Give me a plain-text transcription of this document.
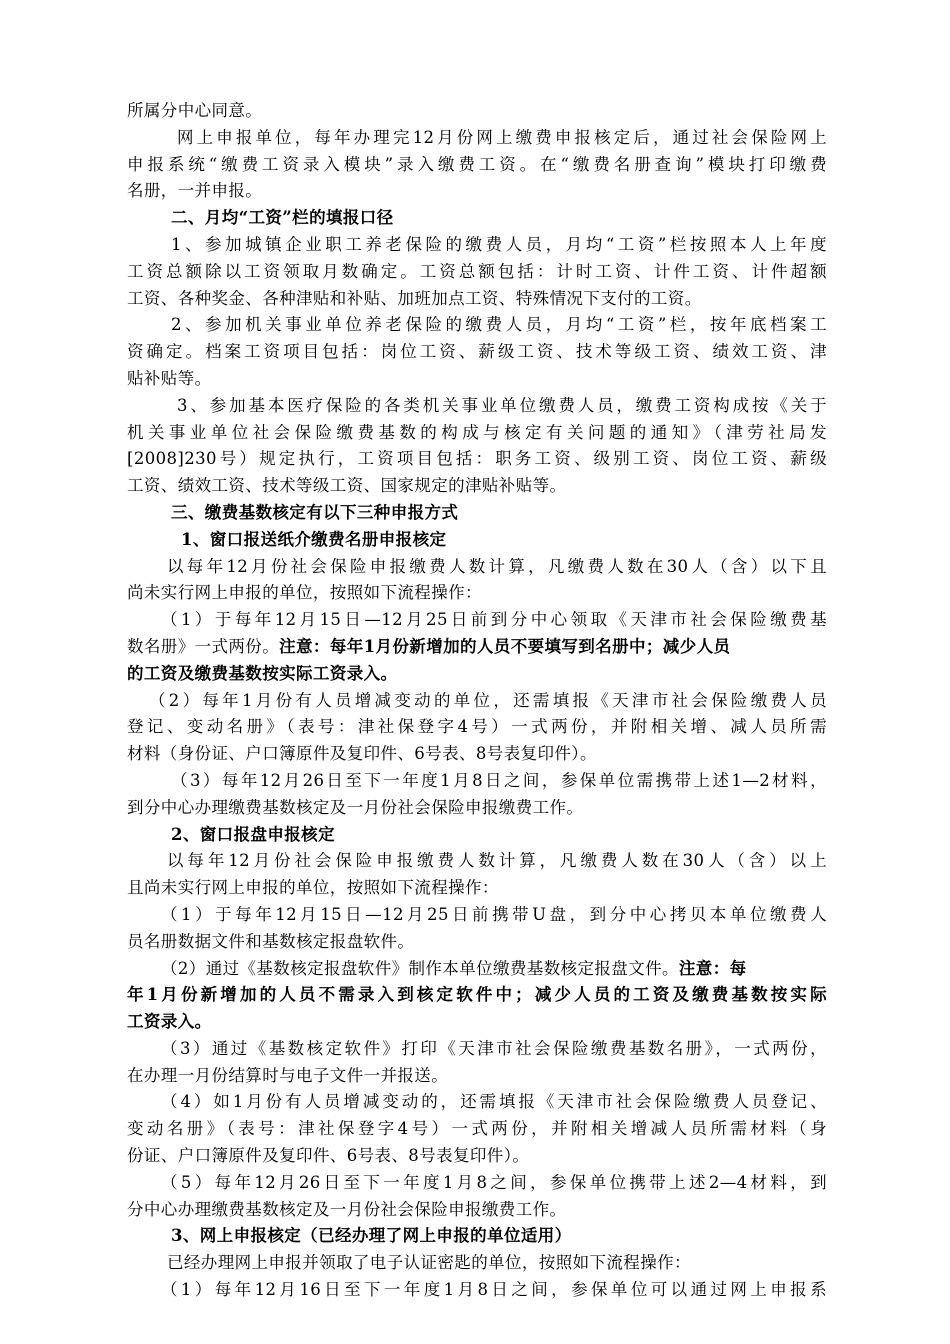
所属分中心同意。
网上申报单位，每年办理完12月份网上缴费申报核定后，通过社会保险网上
申报系统“缴费工资录入模块”录入缴费工资。在“缴费名册查询”模块打印缴费
名册，一并申报。
二、月均“工资”栏的填报口径
1、参加城镇企业职工养老保险的缴费人员，月均“工资”栏按照本人上年度
工资总额除以工资领取月数确定。工资总额包括：计时工资、计件工资、计件超额
工资、各种奖金、各种津贴和补贴、加班加点工资、特殊情况下支付的工资。
2、参加机关事业单位养老保险的缴费人员，月均“工资”栏，按年底档案工
资确定。档案工资项目包括：岗位工资、薪级工资、技术等级工资、绩效工资、津
贴补贴等。
3、参加基本医疗保险的各类机关事业单位缴费人员，缴费工资构成按《关于
机关事业单位社会保险缴费基数的构成与核定有关问题的通知》（津劳社局发
[2008]230号）规定执行，工资项目包括：职务工资、级别工资、岗位工资、薪级
工资、绩效工资、技术等级工资、国家规定的津贴补贴等。
三、缴费基数核定有以下三种申报方式
1、窗口报送纸介缴费名册申报核定
以每年12月份社会保险申报缴费人数计算，凡缴费人数在30人（含）以下且
尚未实行网上申报的单位，按照如下流程操作：
（1）于每年12月15日—12月25日前到分中心领取《天津市社会保险缴费基
数名册》一式两份。注意：每年1月份新增加的人员不要填写到名册中；减少人员
的工资及缴费基数按实际工资录入。
（2）每年1月份有人员增减变动的单位，还需填报《天津市社会保险缴费人员
登记、变动名册》（表号：津社保登字4号）一式两份，并附相关增、减人员所需
材料（身份证、户口簿原件及复印件、6号表、8号表复印件）。
（3）每年12月26日至下一年度1月8日之间，参保单位需携带上述1—2材料，
到分中心办理缴费基数核定及一月份社会保险申报缴费工作。
2、窗口报盘申报核定
以每年12月份社会保险申报缴费人数计算，凡缴费人数在30人（含）以上
且尚未实行网上申报的单位，按照如下流程操作：
（1）于每年12月15日—12月25日前携带U盘，到分中心拷贝本单位缴费人
员名册数据文件和基数核定报盘软件。
（2）通过《基数核定报盘软件》制作本单位缴费基数核定报盘文件。注意：每
年1月份新增加的人员不需录入到核定软件中；减少人员的工资及缴费基数按实际
工资录入。
（3）通过《基数核定软件》打印《天津市社会保险缴费基数名册》，一式两份，
在办理一月份结算时与电子文件一并报送。
（4）如1月份有人员增减变动的，还需填报《天津市社会保险缴费人员登记、
变动名册》（表号：津社保登字4号）一式两份，并附相关增减人员所需材料（身
份证、户口簿原件及复印件、6号表、8号表复印件）。
（5）每年12月26日至下一年度1月8之间，参保单位携带上述2—4材料，到
分中心办理缴费基数核定及一月份社会保险申报缴费工作。
3、网上申报核定（已经办理了网上申报的单位适用）
已经办理网上申报并领取了电子认证密匙的单位，按照如下流程操作：
（1）每年12月16日至下一年度1月8日之间，参保单位可以通过网上申报系
